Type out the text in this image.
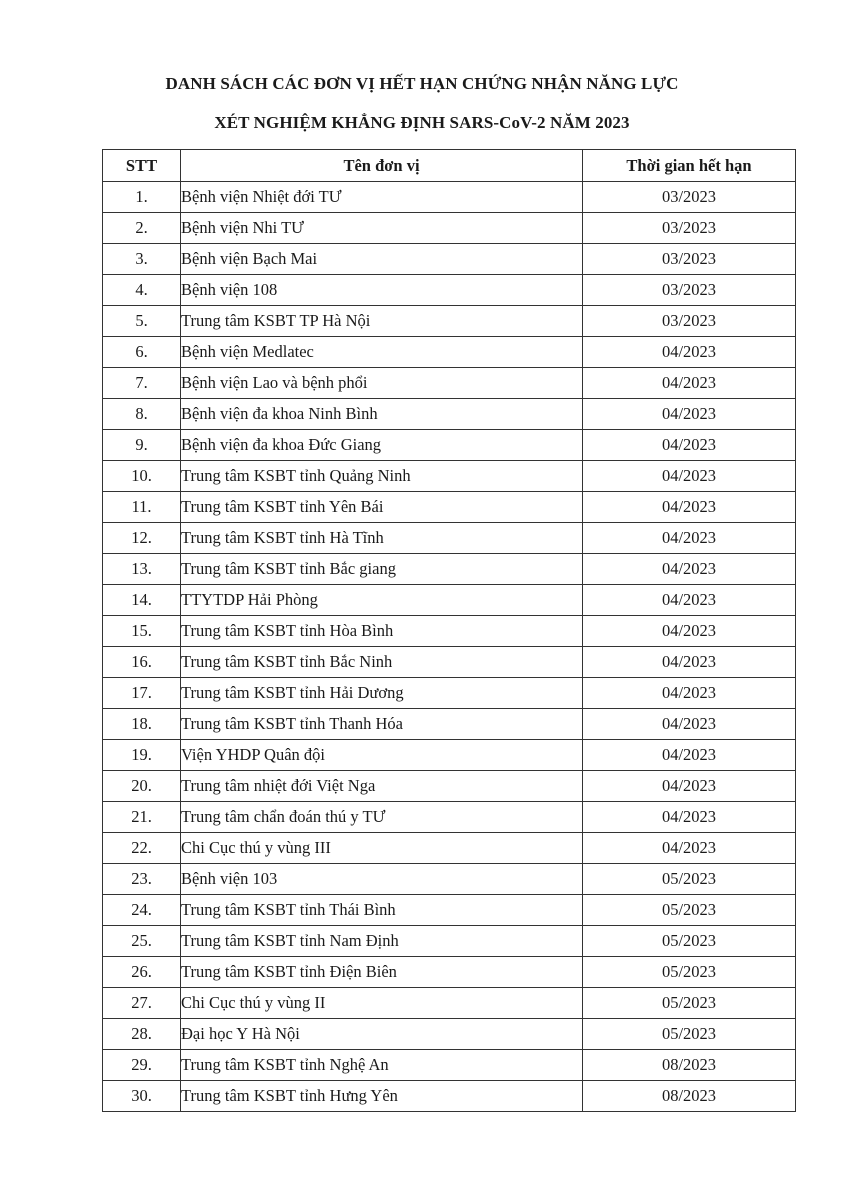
DANH SÁCH CÁC ĐƠN VỊ HẾT HẠN CHỨNG NHẬN NĂNG LỰC
XÉT NGHIỆM KHẲNG ĐỊNH SARS-CoV-2 NĂM 2023
STT	Tên đơn vị	Thời gian hết hạn
1.	Bệnh viện Nhiệt đới TƯ	03/2023
2.	Bệnh viện Nhi TƯ	03/2023
3.	Bệnh viện Bạch Mai	03/2023
4.	Bệnh viện 108	03/2023
5.	Trung tâm KSBT TP Hà Nội	03/2023
6.	Bệnh viện Medlatec	04/2023
7.	Bệnh viện Lao và bệnh phổi	04/2023
8.	Bệnh viện đa khoa Ninh Bình	04/2023
9.	Bệnh viện đa khoa Đức Giang	04/2023
10.	Trung tâm KSBT tỉnh Quảng Ninh	04/2023
11.	Trung tâm KSBT tỉnh Yên Bái	04/2023
12.	Trung tâm KSBT tỉnh Hà Tĩnh	04/2023
13.	Trung tâm KSBT tỉnh Bắc giang	04/2023
14.	TTYTDP Hải Phòng	04/2023
15.	Trung tâm KSBT tỉnh Hòa Bình	04/2023
16.	Trung tâm KSBT tỉnh Bắc Ninh	04/2023
17.	Trung tâm KSBT tỉnh Hải Dương	04/2023
18.	Trung tâm KSBT tỉnh Thanh Hóa	04/2023
19.	Viện YHDP Quân đội	04/2023
20.	Trung tâm nhiệt đới Việt Nga	04/2023
21.	Trung tâm chẩn đoán thú y TƯ	04/2023
22.	Chi Cục thú y vùng III	04/2023
23.	Bệnh viện 103	05/2023
24.	Trung tâm KSBT tỉnh Thái Bình	05/2023
25.	Trung tâm KSBT tỉnh Nam Định	05/2023
26.	Trung tâm KSBT tỉnh Điện Biên	05/2023
27.	Chi Cục thú y vùng II	05/2023
28.	Đại học Y Hà Nội	05/2023
29.	Trung tâm KSBT tỉnh Nghệ An	08/2023
30.	Trung tâm KSBT tỉnh Hưng Yên	08/2023
